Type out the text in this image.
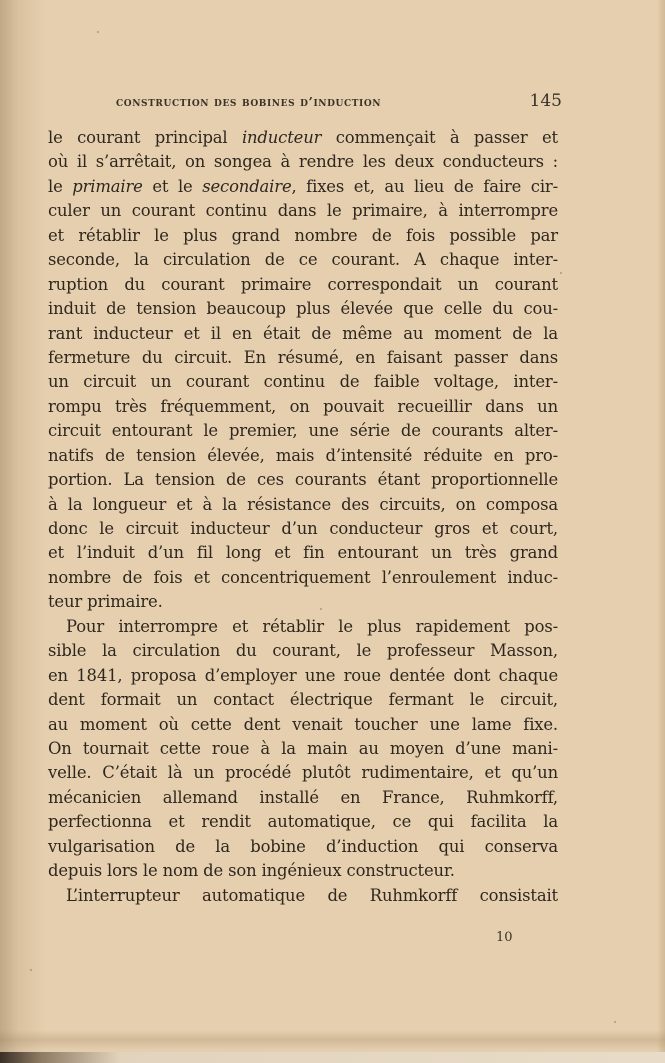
construction des bobines d’induction	145
le courant principal inducteur commençait à passer et
où il s’arrêtait, on songea à rendre les deux conducteurs :
le primaire et le secondaire, fixes et, au lieu de faire cir-
culer un courant continu dans le primaire, à interrompre
et rétablir le plus grand nombre de fois possible par
seconde, la circulation de ce courant. A chaque inter-
ruption du courant primaire correspondait un courant
induit de tension beaucoup plus élevée que celle du cou-
rant inducteur et il en était de même au moment de la
fermeture du circuit. En résumé, en faisant passer dans
un circuit un courant continu de faible voltage, inter-
rompu très fréquemment, on pouvait recueillir dans un
circuit entourant le premier, une série de courants alter-
natifs de tension élevée, mais d’intensité réduite en pro-
portion. La tension de ces courants étant proportionnelle
à la longueur et à la résistance des circuits, on composa
donc le circuit inducteur d’un conducteur gros et court,
et l’induit d’un fil long et fin entourant un très grand
nombre de fois et concentriquement l’enroulement induc-
teur primaire.
Pour interrompre et rétablir le plus rapidement pos-
sible la circulation du courant, le professeur Masson,
en 1841, proposa d’employer une roue dentée dont chaque
dent formait un contact électrique fermant le circuit,
au moment où cette dent venait toucher une lame fixe.
On tournait cette roue à la main au moyen d’une mani-
velle. C’était là un procédé plutôt rudimentaire, et qu’un
mécanicien allemand installé en France, Ruhmkorff,
perfectionna et rendit automatique, ce qui facilita la
vulgarisation de la bobine d’induction qui conserva
depuis lors le nom de son ingénieux constructeur.
L’interrupteur automatique de Ruhmkorff consistait
10
